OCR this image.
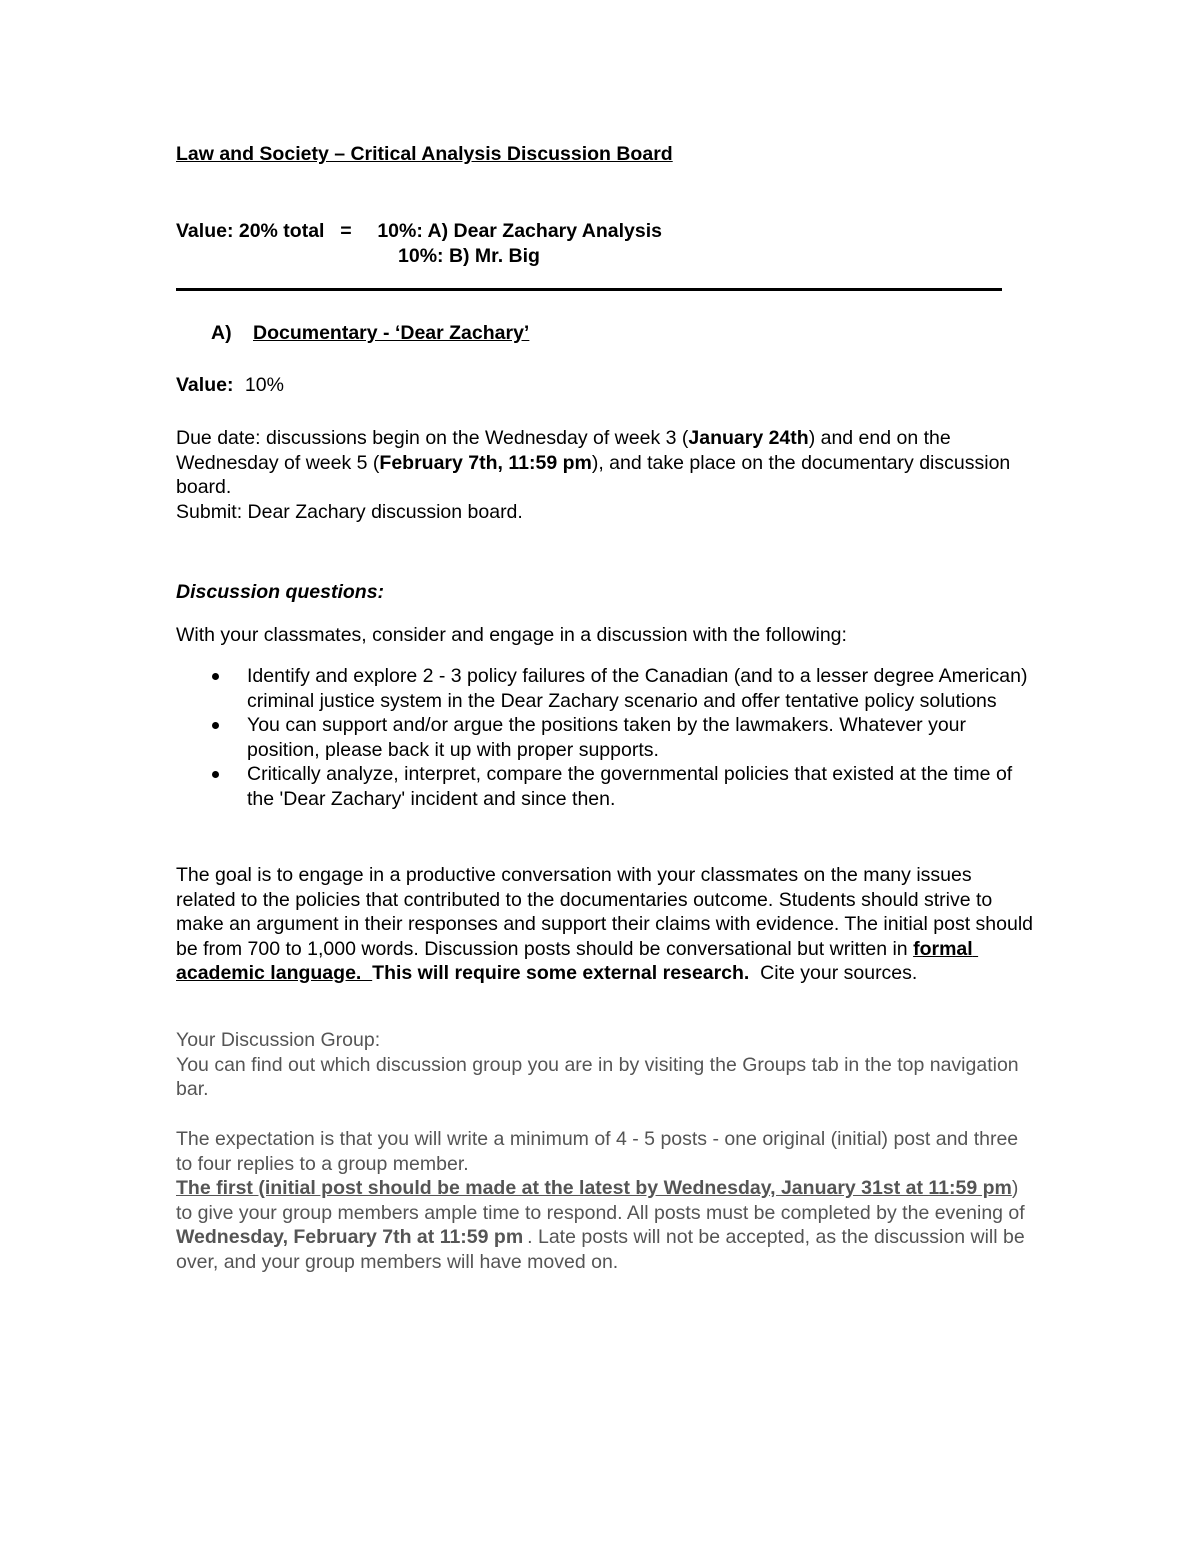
Law and Society – Critical Analysis Discussion Board
Value: 20% total = 10%: A) Dear Zachary Analysis
10%: B) Mr. Big
A) Documentary - ‘Dear Zachary’
Value: 10%
Due date: discussions begin on the Wednesday of week 3 (January 24th) and end on the Wednesday of week 5 (February 7th, 11:59 pm), and take place on the documentary discussion board.
Submit: Dear Zachary discussion board.
Discussion questions:
With your classmates, consider and engage in a discussion with the following:
Identify and explore 2 - 3 policy failures of the Canadian (and to a lesser degree American) criminal justice system in the Dear Zachary scenario and offer tentative policy solutions
You can support and/or argue the positions taken by the lawmakers. Whatever your position, please back it up with proper supports.
Critically analyze, interpret, compare the governmental policies that existed at the time of the 'Dear Zachary' incident and since then.
The goal is to engage in a productive conversation with your classmates on the many issues related to the policies that contributed to the documentaries outcome. Students should strive to make an argument in their responses and support their claims with evidence. The initial post should be from 700 to 1,000 words. Discussion posts should be conversational but written in formal academic language.  This will require some external research.  Cite your sources.
Your Discussion Group:
You can find out which discussion group you are in by visiting the Groups tab in the top navigation bar.
The expectation is that you will write a minimum of 4 - 5 posts - one original (initial) post and three to four replies to a group member.
The first (initial post should be made at the latest by Wednesday, January 31st at 11:59 pm) to give your group members ample time to respond. All posts must be completed by the evening of Wednesday, February 7th at 11:59 pm . Late posts will not be accepted, as the discussion will be over, and your group members will have moved on.
